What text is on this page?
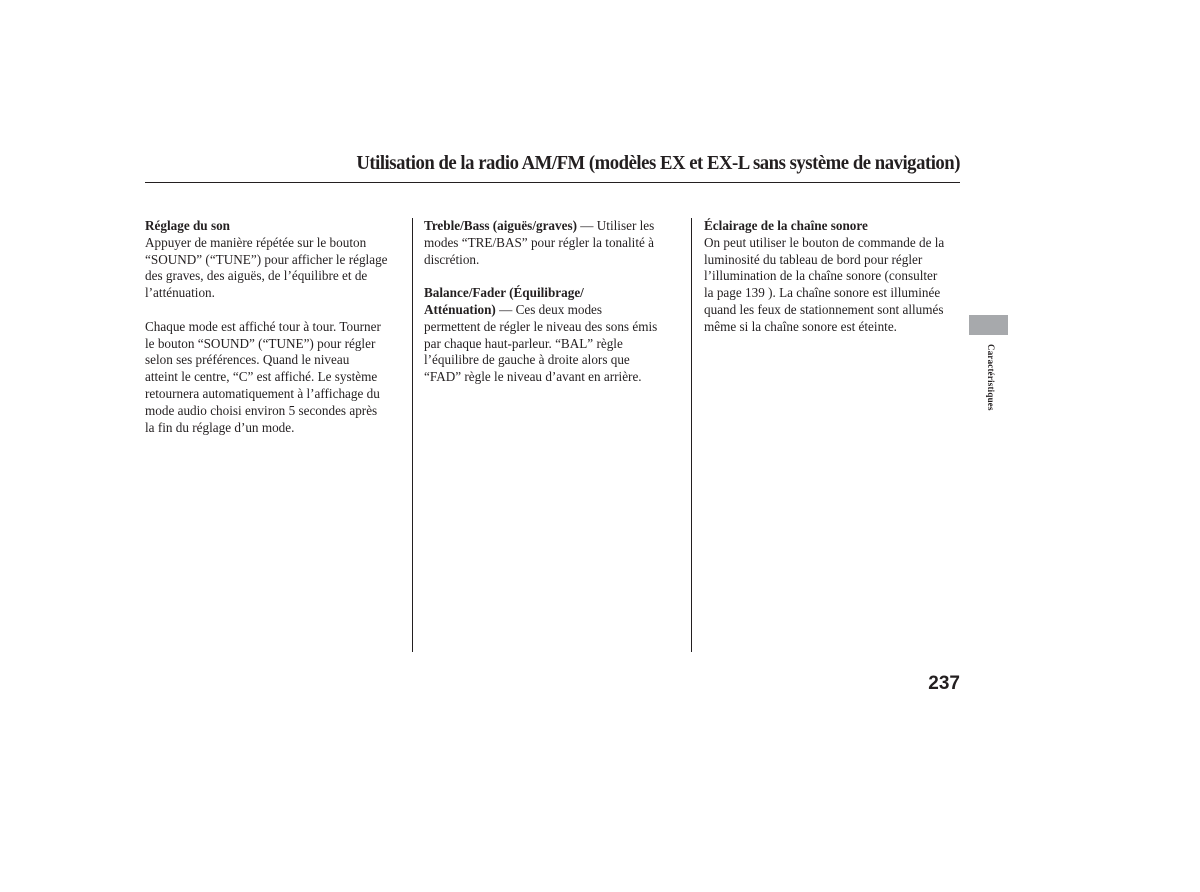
Utilisation de la radio AM/FM (modèles EX et EX-L sans système de navigation)
Réglage du son
Appuyer de manière répétée sur le bouton
“SOUND” (“TUNE”) pour afficher le réglage
des graves, des aiguës, de l’équilibre et de
l’atténuation.
Chaque mode est affiché tour à tour. Tourner
le bouton “SOUND” (“TUNE”) pour régler
selon ses préférences. Quand le niveau
atteint le centre, “C” est affiché. Le système
retournera automatiquement à l’affichage du
mode audio choisi environ 5 secondes après
la fin du réglage d’un mode.
Treble/Bass (aiguës/graves) — Utiliser les
modes “TRE/BAS” pour régler la tonalité à
discrétion.
Balance/Fader (Équilibrage/
Atténuation) — Ces deux modes
permettent de régler le niveau des sons émis
par chaque haut-parleur. “BAL” règle
l’équilibre de gauche à droite alors que
“FAD” règle le niveau d’avant en arrière.
Éclairage de la chaîne sonore
On peut utiliser le bouton de commande de la
luminosité du tableau de bord pour régler
l’illumination de la chaîne sonore (consulter
la page 139 ). La chaîne sonore est illuminée
quand les feux de stationnement sont allumés
même si la chaîne sonore est éteinte.
Caractéristiques
237
